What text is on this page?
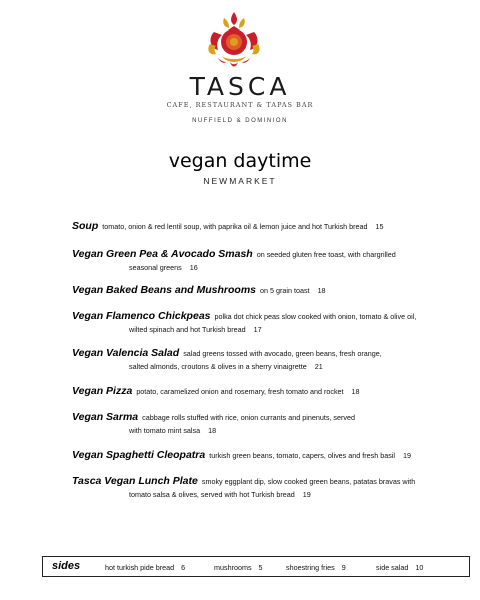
TASCA
CAFE, RESTAURANT & TAPAS BAR
NUFFIELD & DOMINION
vegan daytime
NEWMARKET
Soup tomato, onion & red lentil soup, with paprika oil & lemon juice and hot Turkish bread 15
Vegan Green Pea & Avocado Smash on seeded gluten free toast, with chargrilled
seasonal greens 16
Vegan Baked Beans and Mushrooms on 5 grain toast 18
Vegan Flamenco Chickpeas polka dot chick peas slow cooked with onion, tomato & olive oil,
wilted spinach and hot Turkish bread 17
Vegan Valencia Salad salad greens tossed with avocado, green beans, fresh orange,
salted almonds, croutons & olives in a sherry vinaigrette 21
Vegan Pizza potato, caramelized onion and rosemary, fresh tomato and rocket 18
Vegan Sarma cabbage rolls stuffed with rice, onion currants and pinenuts, served
with tomato mint salsa 18
Vegan Spaghetti Cleopatra turkish green beans, tomato, capers, olives and fresh basil 19
Tasca Vegan Lunch Plate smoky eggplant dip, slow cooked green beans, patatas bravas with
tomato salsa & olives, served with hot Turkish bread 19
sides	hot turkish pide bread 6	mushrooms 5	shoestring fries 9	side salad 10
